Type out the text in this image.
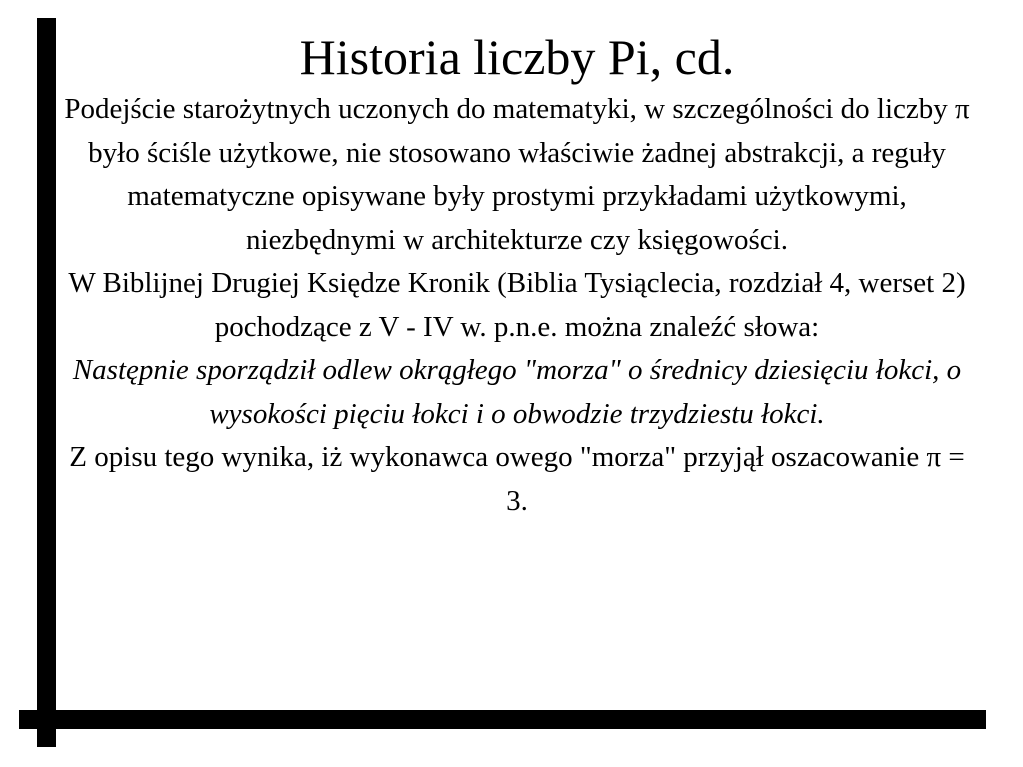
Historia liczby Pi, cd.

Podejście starożytnych uczonych do matematyki, w szczególności do liczby π było ściśle użytkowe, nie stosowano właściwie żadnej abstrakcji, a reguły matematyczne opisywane były prostymi przykładami użytkowymi, niezbędnymi w architekturze czy księgowości.

W Biblijnej Drugiej Księdze Kronik (Biblia Tysiąclecia, rozdział 4, werset 2) pochodzące z V - IV w. p.n.e. można znaleźć słowa:

Następnie sporządził odlew okrągłego "morza" o średnicy dziesięciu łokci, o wysokości pięciu łokci i o obwodzie trzydziestu łokci.

Z opisu tego wynika, iż wykonawca owego "morza" przyjął oszacowanie π = 3.
